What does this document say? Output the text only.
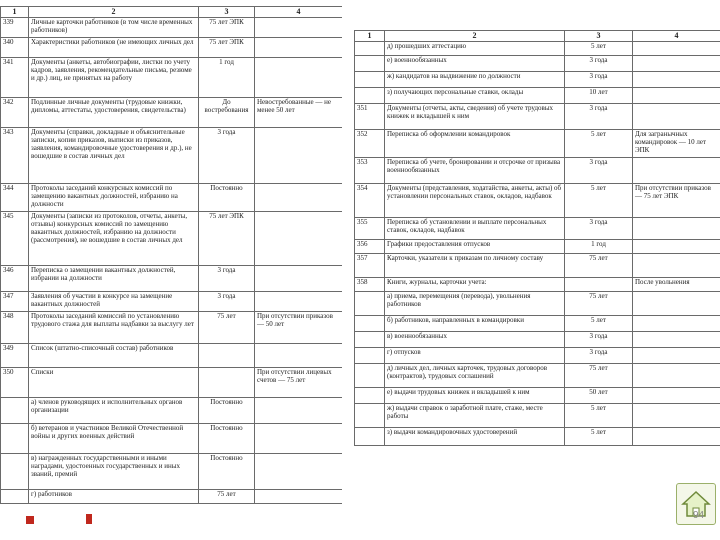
1	2	3	4
339	Личные карточки работников (в том числе временных работников)	75 лет ЭПК	
340	Характеристики работников (не имеющих личных дел	75 лет ЭПК	
341	Документы (анкеты, автобиографии, листки по учету кадров, заявления, рекомендательные письма, резюме и др.) лиц, не принятых на работу	1 год	
342	Подлинные личные документы (трудовые книжки, дипломы, аттестаты, удостоверения, свидетельства)	До востребования	Невостребованные — не менее 50 лет
343	Документы (справки, докладные и объяснительные записки, копии приказов, выписки из приказов, заявления, командировочные удостоверения и др.), не вошедшие в состав личных дел	3 года	
344	Протоколы заседаний конкурсных комиссий по замещению вакантных должностей, избранию на должности	Постоянно	
345	Документы (записки из протоколов, отчеты, анкеты, отзывы) конкурсных комиссий по замещению вакантных должностей, избранию на должности (рассмотрения), не вошедшие в состав личных дел	75 лет ЭПК	
346	Переписка о замещении вакантных должностей, избрании на должности	3 года	
347	Заявления об участии в конкурсе на замещение вакантных должностей	3 года	
348	Протоколы заседаний комиссий по установлению трудового стажа для выплаты надбавки за выслугу лет	75 лет	При отсутствии приказов — 50 лет
349	Список (штатно-списочный состав) работников		
350	Списки		При отсутствии лицевых счетов — 75 лет
	а) членов руководящих и исполнительных органов организации	Постоянно	
	б) ветеранов и участников Великой Отечественной войны и других военных действий	Постоянно	
	в) награжденных государственными и иными наградами, удостоенных государственных и иных званий, премий	Постоянно	
	г) работников	75 лет	
1	2	3	4
	д) прошедших аттестацию	5 лет	
	е) военнообязанных	3 года	
	ж) кандидатов на выдвижение по должности	3 года	
	з) получающих персональные ставки, оклады	10 лет	
351	Документы (отчеты, акты, сведения) об учете трудовых книжек и вкладышей к ним	3 года	
352	Переписка об оформлении командировок	5 лет	Для загранычных командировок — 10 лет ЭПК
353	Переписка об учете, бронировании и отсрочке от призыва военнообязанных	3 года	
354	Документы (представления, ходатайства, анкеты, акты) об установлении персональных ставок, окладов, надбавок	5 лет	При отсутствии приказов — 75 лет ЭПК
355	Переписка об установлении и выплате персональных ставок, окладов, надбавок	3 года	
356	Графики предоставления отпусков	1 год	
357	Карточки, указатели к приказам по личному составу	75 лет	
358	Книги, журналы, карточки учета:		После увольнения
	а) приема, перемещения (перевода), увольнения работников	75 лет	
	б) работников, направленных в командировки	5 лет	
	в) военнообязанных	3 года	
	г) отпусков	3 года	
	д) личных дел, личных карточек, трудовых договоров (контрактов), трудовых соглашений	75 лет	
	е) выдачи трудовых книжек и вкладышей к ним	50 лет	
	ж) выдачи справок о заработной плате, стаже, месте работы	5 лет	
	з) выдачи командировочных удостоверений	5 лет	
94
